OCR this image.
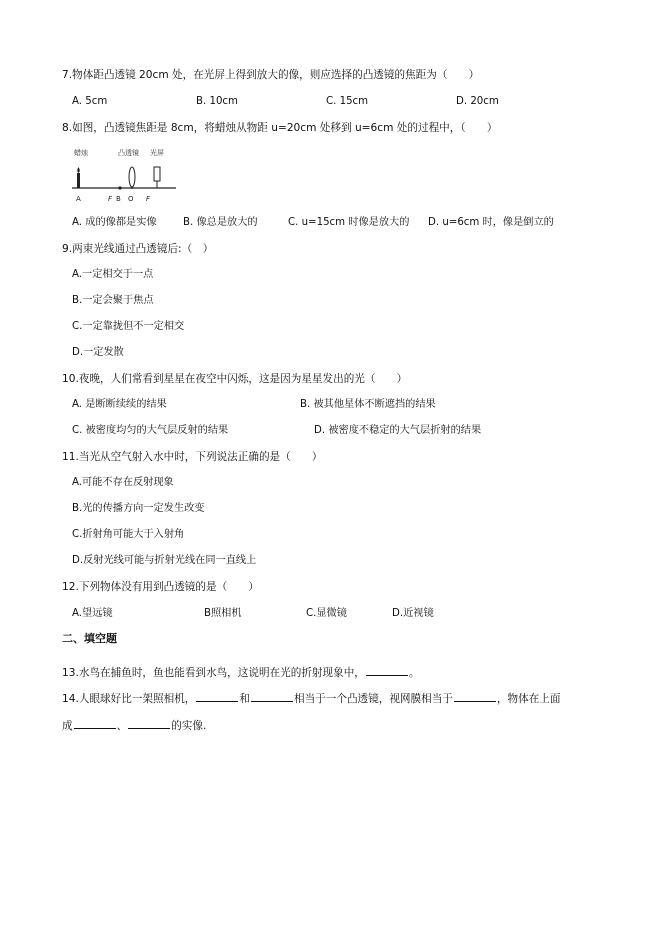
7.物体距凸透镜 20cm 处，在光屏上得到放大的像，则应选择的凸透镜的焦距为（　　）
A. 5cm	B. 10cm	C. 15cm	D. 20cm
8.如图，凸透镜焦距是 8cm，将蜡烛从物距 u=20cm 处移到 u=6cm 处的过程中，（　　）
蜡烛	凸透镜 光屏
A	F B O F
A. 成的像都是实像	B. 像总是放大的	C. u=15cm 时像是放大的 D. u=6cm 时，像是倒立的
9.两束光线通过凸透镜后:（　）
A.一定相交于一点
B.一定会聚于焦点
C.一定靠拢但不一定相交
D.一定发散
10.夜晚，人们常看到星星在夜空中闪烁，这是因为星星发出的光（　　）
A. 是断断续续的结果	B. 被其他星体不断遮挡的结果
C. 被密度均匀的大气层反射的结果	D. 被密度不稳定的大气层折射的结果
11.当光从空气射入水中时，下列说法正确的是（　　）
A.可能不存在反射现象
B.光的传播方向一定发生改变
C.折射角可能大于入射角
D.反射光线可能与折射光线在同一直线上
12.下列物体没有用到凸透镜的是（　　）
A.望远镜	B照相机	C.显微镜	D.近视镜
二、填空题
13.水鸟在捕鱼时，鱼也能看到水鸟，这说明在光的折射现象中，	。
14.人眼球好比一架照相机，	和	相当于一个凸透镜，视网膜相当于	，物体在上面
成	、	的实像.
